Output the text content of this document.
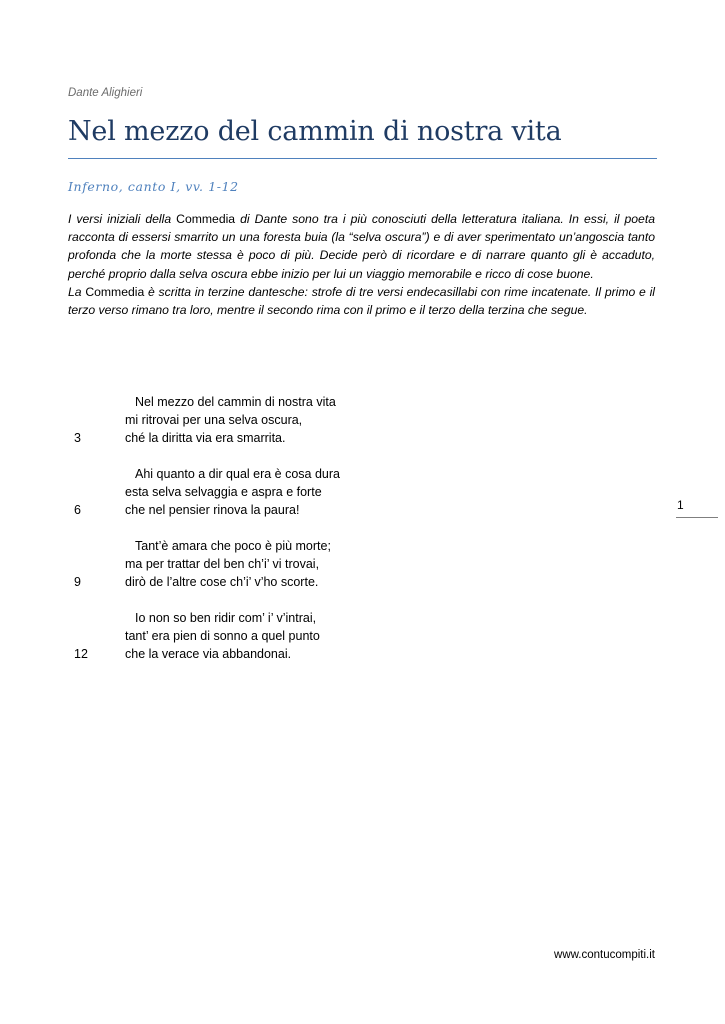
Dante Alighieri
Nel mezzo del cammin di nostra vita
Inferno, canto I, vv. 1-12

I versi iniziali della Commedia di Dante sono tra i più conosciuti della letteratura italiana. In essi, il poeta racconta di essersi smarrito un una foresta buia (la “selva oscura”) e di aver sperimentato un’angoscia tanto profonda che la morte stessa è poco di più. Decide però di ricordare e di narrare quanto gli è accaduto, perché proprio dalla selva oscura ebbe inizio per lui un viaggio memorabile e ricco di cose buone.

La Commedia è scritta in terzine dantesche: strofe di tre versi endecasillabi con rime incatenate. Il primo e il terzo verso rimano tra loro, mentre il secondo rima con il primo e il terzo della terzina che segue.

Nel mezzo del cammin di nostra vita
mi ritrovai per una selva oscura,
3	ché la diritta via era smarrita.
Ahi quanto a dir qual era è cosa dura
esta selva selvaggia e aspra e forte
6	che nel pensier rinova la paura!
Tant’è amara che poco è più morte;
ma per trattar del ben ch’i’ vi trovai,
9	dirò de l’altre cose ch’i’ v’ho scorte.
Io non so ben ridir com’ i’ v’intrai,
tant’ era pien di sonno a quel punto
12	che la verace via abbandonai.
1
www.contucompiti.it
